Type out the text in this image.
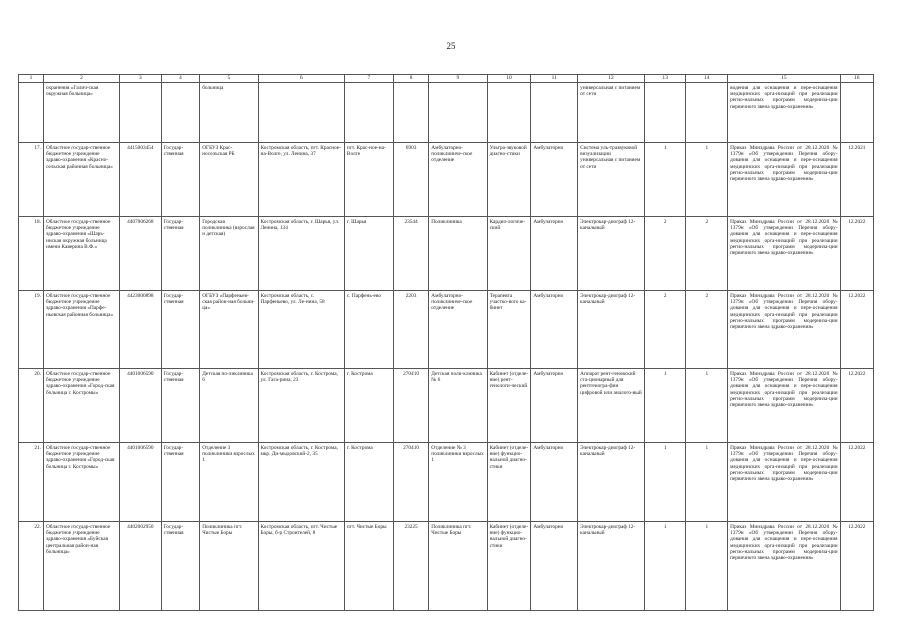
25
1	2	3	4	5	6	7	8	9	10	11	12	13	14	15	16
	охранения «Галич-ская окружная больница»			больница							универсальная с питанием от сети			водения для оснащения и пере-оснащения медицинских орга-низаций при реализации регио-нальных программ модерниза-ции первичного звена здраво-охранения»	
17.	Областное государ-ственное бюджетное учреждение здраво-охранения «Красно-сельская районная больница»	4415003454	Государ-ственная	ОГБУЗ Крас-носельская РБ	Костромская область, пгт. Красное-на-Волге, ул. Ленина, 37	пгт. Крас-ное-на-Волге	6903	Амбулаторно-поликлиниче-ское отделение	Ультра-звуковой диагно-стики	Амбулаторно	Система уль-тразвуковой визуализации универсальная с питанием от сети	1	1	Приказ Минздрава России от 28.12.2020 № 1379н «Об утверждении Перечня обору-дования для оснащения и пере-оснащения медицинских орга-низаций при реализации регио-нальных программ модерниза-ции первичного звена здраво-охранения»	12.2021
18.	Областное государ-ственное бюджетное учреждение здраво-охранения «Шарь-инская окружная больница имени Каверина В.Ф.»	4407006268	Государ-ственная	Городская поликлиника (взрослая и детская)	Костромская область, г. Шарья, ул. Ленина, 134	г. Шарья	23544	Поликлиника	Кардио-логиче-ский	Амбулаторно	Электрокар-диограф 12-канальный	2	2	Приказ Минздрава России от 28.12.2020 № 1379н «Об утверждении Перечня обору-дования для оснащения и пере-оснащения медицинских орга-низаций при реализации регио-нальных программ модерниза-ции первичного звена здраво-охранения»	12.2022
19.	Областное государ-ственное бюджетное учреждение здраво-охранения «Парфе-ньевская районная больница»	4423000898	Государ-ственная	ОГБУЗ «Парфеньев-ская район-ная больни-ца»	Костромская область, с. Парфеньево, ул. Ле-нина, 58	с. Парфень-ево	2203	Амбулаторно-поликлиниче-ское отделение	Терапевта участко-вого ка-бинет	Амбулаторно	Электрокар-диограф 12-канальный	2	2	Приказ Минздрава России от 28.12.2020 № 1379н «Об утверждении Перечня обору-дования для оснащения и пере-оснащения медицинских орга-низаций при реализации регио-нальных программ модерниза-ции первичного звена здраво-охранения»	12.2022
20.	Областное государ-ственное бюджетное учреждение здраво-охранения «Город-ская больница г. Костромы»	4401006590	Государ-ственная	Детская по-ликлиника 6	Костромская область, г. Кострома, ул. Гага-рина, 23	г. Кострома	270410	Детская поли-клиника № 6	Кабинет (отделе-ние) рент-генологи-ческий	Амбулаторно	Аппарат рент-геновский ста-ционарный для рентгеногра-фии цифровой или аналого-вый	1	1	Приказ Минздрава России от 28.12.2020 № 1379н «Об утверждении Перечня обору-дования для оснащения и пере-оснащения медицинских орга-низаций при реализации регио-нальных программ модерниза-ции первичного звена здраво-охранения»	12.2022
21.	Областное государ-ственное бюджетное учреждение здраво-охранения «Город-ская больница г. Костромы»	4401006590	Государ-ственная	Отделение 3 поликлиники взрослых 1	Костромская область, г. Кострома, мкр. Ди-мыдовский-2, 35	г. Кострома	270410	Отделение № 3 поликлиники взрослых 1	Кабинет (отделе-ние) функцио-нальной диагно-стики	Амбулаторно	Электрокар-диограф 12-канальный	1	1	Приказ Минздрава России от 28.12.2020 № 1379н «Об утверждении Перечня обору-дования для оснащения и пере-оснащения медицинских орга-низаций при реализации регио-нальных программ модерниза-ции первичного звена здраво-охранения»	12.2022
22.	Областное государ-ственное бюджетное учреждение здраво-охранения «Буйская центральная район-ная больница»	4402002950	Государ-ственная	Поликлиника пгт. Чистые Боры	Костромская область, пгт. Чистые Боры, б-р Строителей, 8	пгт. Чистые Боры	23225	Поликлиника пгт. Чистые Боры	Кабинет (отделе-ние) функцио-нальной диагно-стики	Амбулаторно	Электрокар-диограф 12-канальный	1	1	Приказ Минздрава России от 28.12.2020 № 1379н «Об утверждении Перечня обору-дования для оснащения и пере-оснащения медицинских орга-низаций при реализации регио-нальных программ модерниза-ции первичного звена здраво-охранения»	12.2022
